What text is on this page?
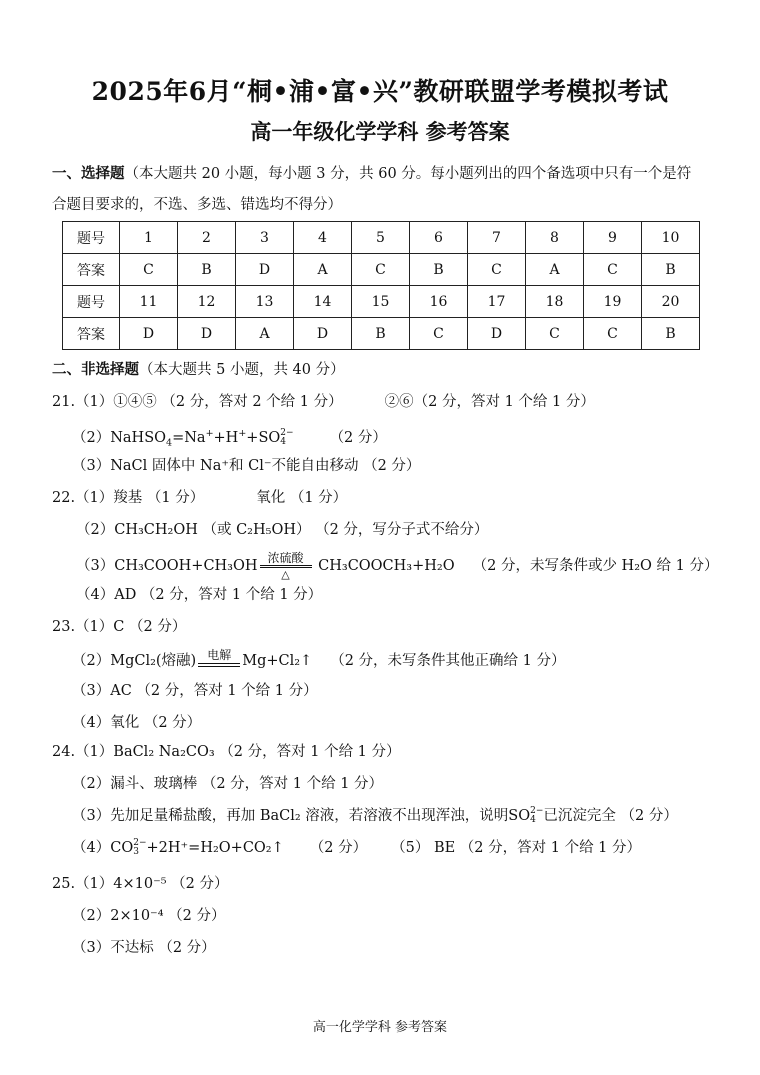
2025年6月“桐•浦•富•兴”教研联盟学考模拟考试
高一年级化学学科 参考答案
一、选择题（本大题共 20 小题，每小题 3 分，共 60 分。每小题列出的四个备选项中只有一个是符
合题目要求的，不选、多选、错选均不得分）
题号	1	2	3	4	5	6	7	8	9	10
答案	C	B	D	A	C	B	C	A	C	B
题号	11	12	13	14	15	16	17	18	19	20
答案	D	D	A	D	B	C	D	C	C	B
二、非选择题（本大题共 5 小题，共 40 分）
21.（1）①④⑤ （2 分，答对 2 个给 1 分）	②⑥（2 分，答对 1 个给 1 分）
（2）NaHSO$_4$=Na++H++SO 2−
4	（2 分）
（3）NaCl 固体中 Na⁺和 Cl⁻不能自由移动 （2 分）
22.（1）羧基 （1 分）	氧化 （1 分）
（2）CH₃CH₂OH （或 C₂H₅OH） （2 分，写分子式不给分）
（3）CH₃COOH+CH₃OH 浓硫酸
△
CH₃COOCH₃+H₂O （2 分，未写条件或少 H₂O 给 1 分）
（4）AD （2 分，答对 1 个给 1 分）
23.（1）C （2 分）
（2）MgCl₂(熔融) 电解 Mg+Cl₂↑ （2 分，未写条件其他正确给 1 分）
（3）AC （2 分，答对 1 个给 1 分）
（4）氧化 （2 分）
24.（1）BaCl₂ Na₂CO₃ （2 分，答对 1 个给 1 分）
（2）漏斗、玻璃棒 （2 分，答对 1 个给 1 分）
（3）先加足量稀盐酸，再加 BaCl₂ 溶液，若溶液不出现浑浊，说明SO 2−
4 已沉淀完全 （2 分）
（4）CO 2−
3 +2H⁺=H₂O+CO₂↑ （2 分） （5） BE （2 分，答对 1 个给 1 分）
25.（1）4×10⁻⁵ （2 分）
（2）2×10⁻⁴ （2 分）
（3）不达标 （2 分）
高一化学学科 参考答案
